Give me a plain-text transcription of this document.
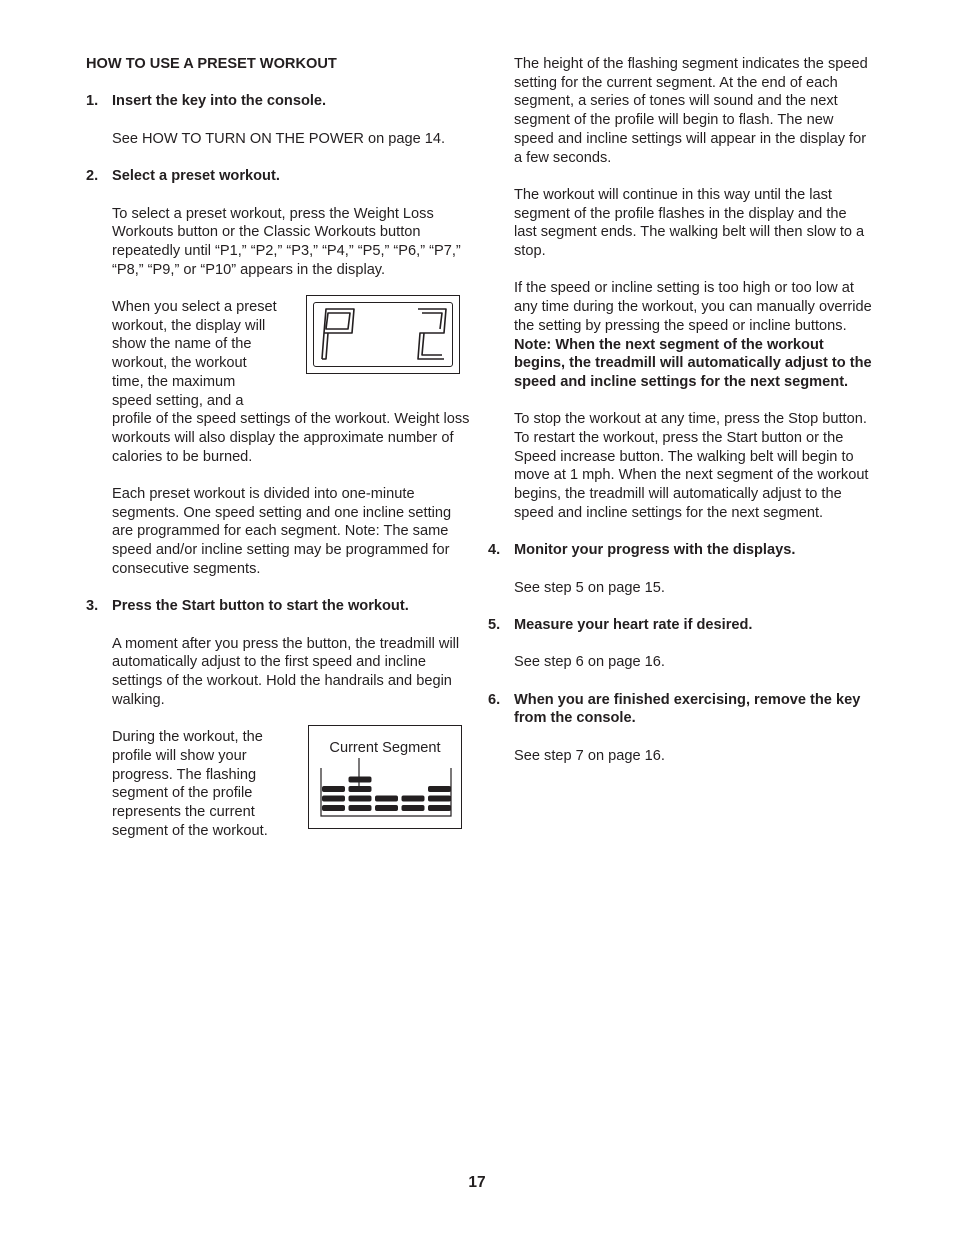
HOW TO USE A PRESET WORKOUT

1. Insert the key into the console.

See HOW TO TURN ON THE POWER on page 14.

2. Select a preset workout.

To select a preset workout, press the Weight Loss Workouts button or the Classic Workouts button repeatedly until “P1,” “P2,” “P3,” “P4,” “P5,” “P6,” “P7,” “P8,” “P9,” or “P10” appears in the display.

When you select a preset workout, the display will show the name of the workout, the workout time, the maximum speed setting, and a

profile of the speed settings of the workout. Weight loss workouts will also display the approximate number of calories to be burned.

Each preset workout is divided into one-minute segments. One speed setting and one incline setting are programmed for each segment. Note: The same speed and/or incline setting may be programmed for consecutive segments.

3. Press the Start button to start the workout.

A moment after you press the button, the treadmill will automatically adjust to the first speed and incline settings of the workout. Hold the handrails and begin walking.

During the workout, the profile will show your progress. The flashing segment of the profile represents the current segment of the workout.

Current Segment

The height of the flashing segment indicates the speed setting for the current segment. At the end of each segment, a series of tones will sound and the next segment of the profile will begin to flash. The new speed and incline settings will appear in the display for a few seconds.

The workout will continue in this way until the last segment of the profile flashes in the display and the last segment ends. The walking belt will then slow to a stop.

If the speed or incline setting is too high or too low at any time during the workout, you can manually override the setting by pressing the speed or incline buttons. Note: When the next segment of the workout begins, the treadmill will automatically adjust to the speed and incline settings for the next segment.

To stop the workout at any time, press the Stop button. To restart the workout, press the Start button or the Speed increase button. The walking belt will begin to move at 1 mph. When the next segment of the workout begins, the treadmill will automatically adjust to the speed and incline settings for the next segment.

4. Monitor your progress with the displays.

See step 5 on page 15.

5. Measure your heart rate if desired.

See step 6 on page 16.

6. When you are finished exercising, remove the key from the console.

See step 7 on page 16.

17
